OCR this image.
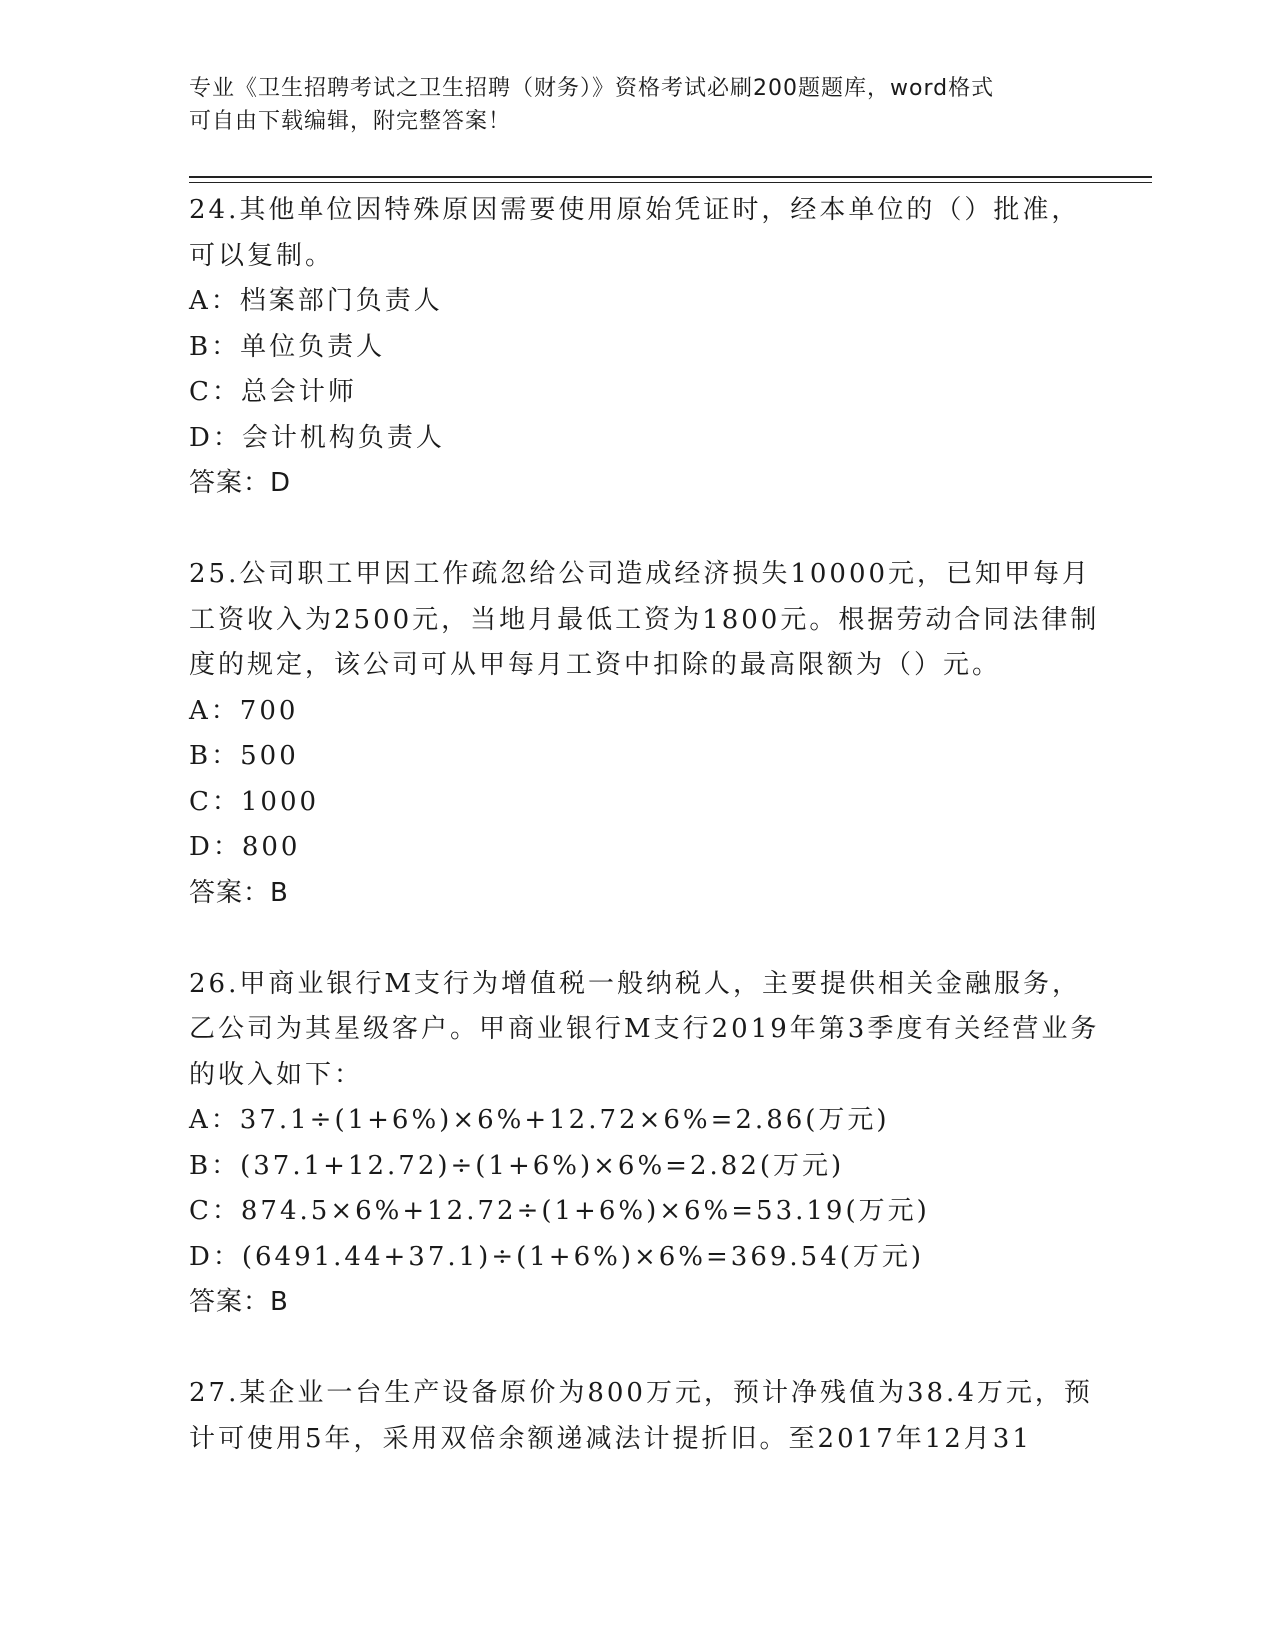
专业《卫生招聘考试之卫生招聘（财务）》资格考试必刷200题题库，word格式
可自由下载编辑，附完整答案！

24.其他单位因特殊原因需要使用原始凭证时，经本单位的（）批准，可以复制。

A：档案部门负责人

B：单位负责人

C：总会计师

D：会计机构负责人

答案：D

25.公司职工甲因工作疏忽给公司造成经济损失10000元，已知甲每月工资收入为2500元，当地月最低工资为1800元。根据劳动合同法律制度的规定，该公司可从甲每月工资中扣除的最高限额为（）元。

A：700

B：500

C：1000

D：800

答案：B

26.甲商业银行M支行为增值税一般纳税人，主要提供相关金融服务，乙公司为其星级客户。甲商业银行M支行2019年第3季度有关经营业务的收入如下：

A：37.1÷(1+6%)×6%+12.72×6%=2.86(万元)

B：(37.1+12.72)÷(1+6%)×6%=2.82(万元)

C：874.5×6%+12.72÷(1+6%)×6%=53.19(万元)

D：(6491.44+37.1)÷(1+6%)×6%=369.54(万元)

答案：B

27.某企业一台生产设备原价为800万元，预计净残值为38.4万元，预计可使用5年，采用双倍余额递减法计提折旧。至2017年12月31
